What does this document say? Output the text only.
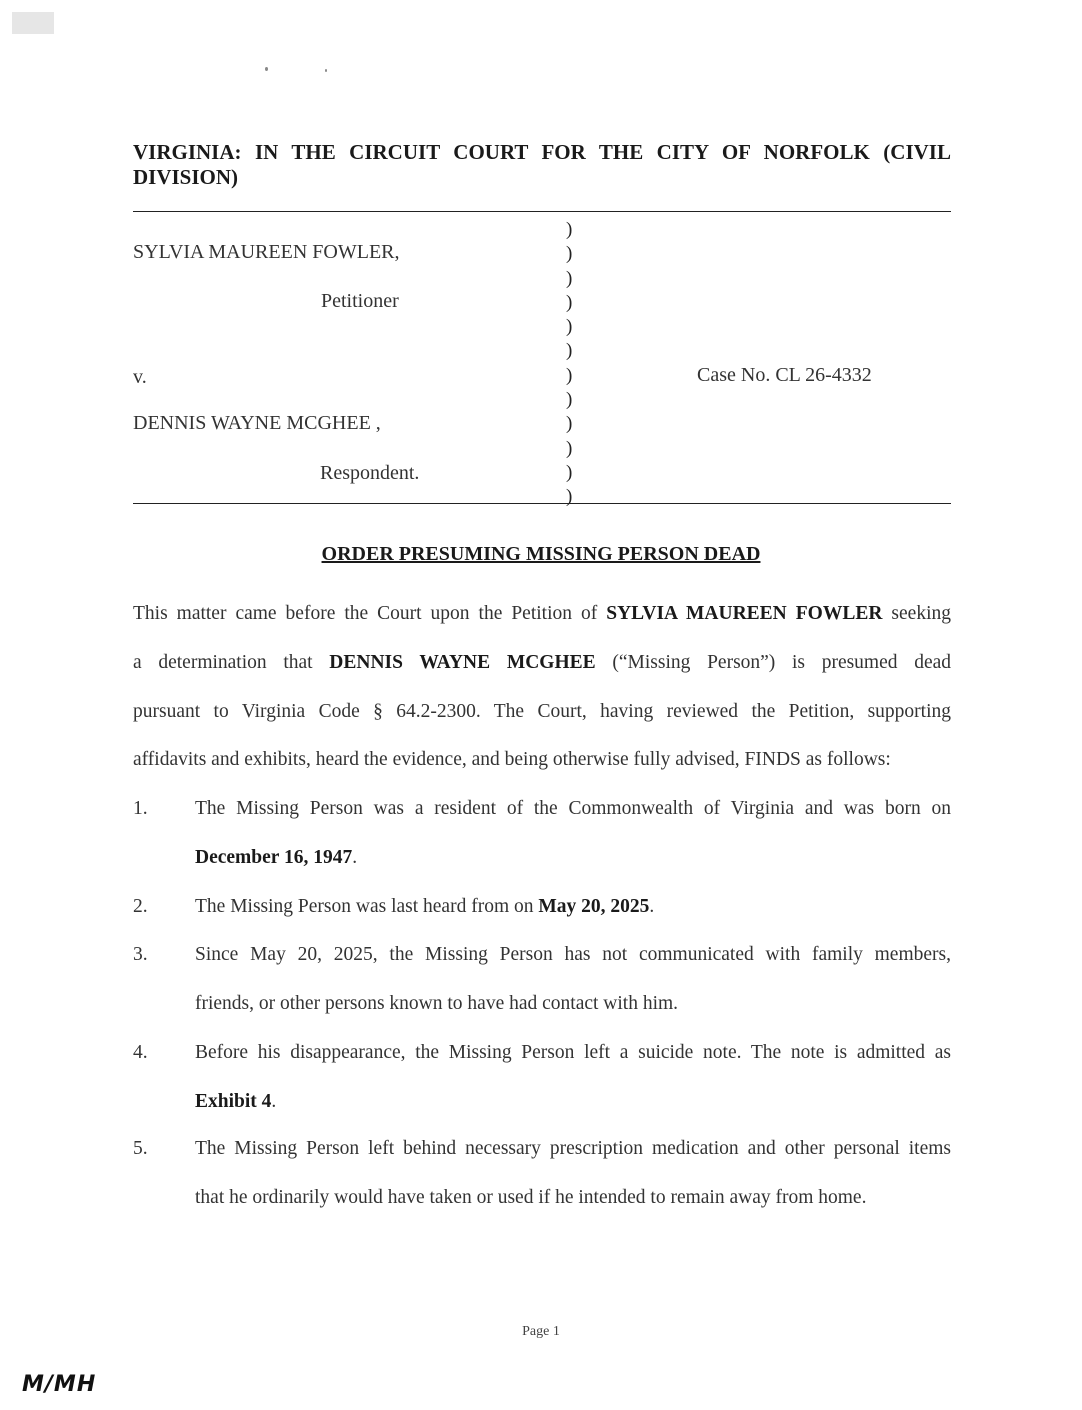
VIRGINIA: IN THE CIRCUIT COURT FOR THE CITY OF NORFOLK (CIVIL
DIVISION)
)
)
)
)
)
)
)
)
)
)
)
)
SYLVIA MAUREEN FOWLER,
Petitioner
v.	Case No. CL 26-4332
DENNIS WAYNE MCGHEE ,
Respondent.
ORDER PRESUMING MISSING PERSON DEAD
This matter came before the Court upon the Petition of SYLVIA MAUREEN FOWLER seeking
a determination that DENNIS WAYNE MCGHEE (“Missing Person”) is presumed dead
pursuant to Virginia Code § 64.2-2300. The Court, having reviewed the Petition, supporting
affidavits and exhibits, heard the evidence, and being otherwise fully advised, FINDS as follows:
1. The Missing Person was a resident of the Commonwealth of Virginia and was born on
December 16, 1947.
2. The Missing Person was last heard from on May 20, 2025.
3. Since May 20, 2025, the Missing Person has not communicated with family members,
friends, or other persons known to have had contact with him.
4. Before his disappearance, the Missing Person left a suicide note. The note is admitted as
Exhibit 4.
5. The Missing Person left behind necessary prescription medication and other personal items
that he ordinarily would have taken or used if he intended to remain away from home.
Page 1
M/MH
